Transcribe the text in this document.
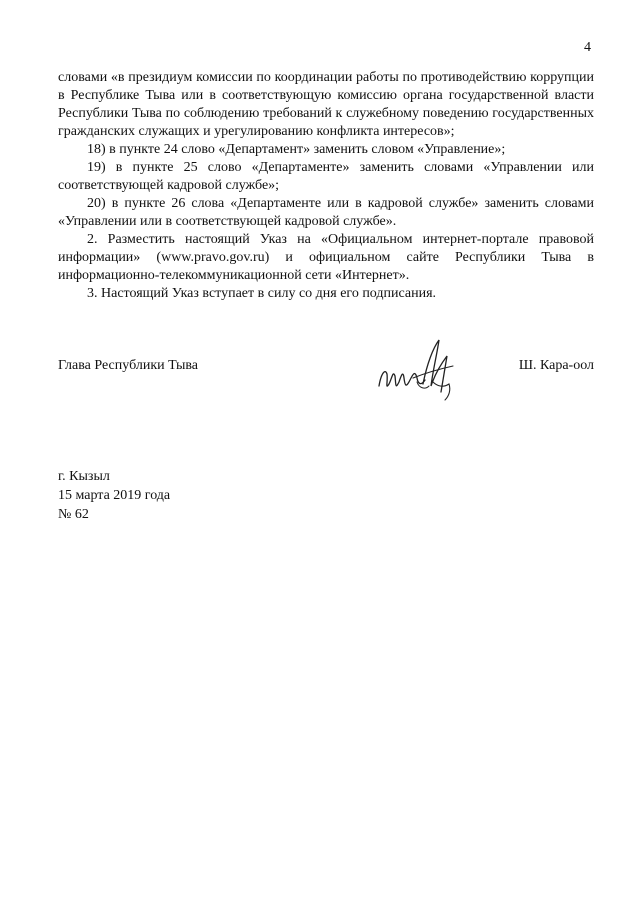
4

словами «в президиум комиссии по координации работы по противодействию коррупции в Республике Тыва или в соответствующую комиссию органа государственной власти Республики Тыва по соблюдению требований к служебному поведению государственных гражданских служащих и урегулированию конфликта интересов»;

18) в пункте 24 слово «Департамент» заменить словом «Управление»;

19) в пункте 25 слово «Департаменте» заменить словами «Управлении или соответствующей кадровой службе»;

20) в пункте 26 слова «Департаменте или в кадровой службе» заменить словами «Управлении или в соответствующей кадровой службе».

2. Разместить настоящий Указ на «Официальном интернет-портале правовой информации» (www.pravo.gov.ru) и официальном сайте Республики Тыва в информационно-телекоммуникационной сети «Интернет».

3. Настоящий Указ вступает в силу со дня его подписания.

Глава Республики Тыва	Ш. Кара-оол
г. Кызыл
15 марта 2019 года
№ 62
